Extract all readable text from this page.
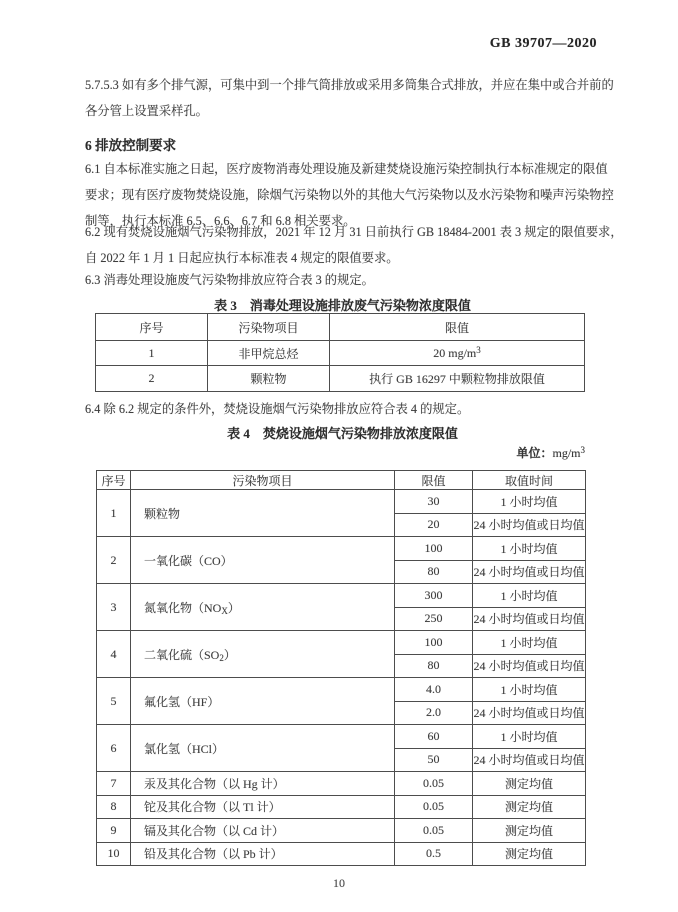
GB 39707—2020
5.7.5.3 如有多个排气源，可集中到一个排气筒排放或采用多筒集合式排放，并应在集中或合并前的
各分管上设置采样孔。
6 排放控制要求
6.1 自本标准实施之日起，医疗废物消毒处理设施及新建焚烧设施污染控制执行本标准规定的限值
要求；现有医疗废物焚烧设施，除烟气污染物以外的其他大气污染物以及水污染物和噪声污染物控
制等，执行本标准 6.5、6.6、6.7 和 6.8 相关要求。
6.2 现有焚烧设施烟气污染物排放，2021 年 12 月 31 日前执行 GB 18484-2001 表 3 规定的限值要求，
自 2022 年 1 月 1 日起应执行本标准表 4 规定的限值要求。
6.3 消毒处理设施废气污染物排放应符合表 3 的规定。
表 3　消毒处理设施排放废气污染物浓度限值
序号	污染物项目	限值
1	非甲烷总烃	20 $mg/m^3$
2	颗粒物	执行 GB 16297 中颗粒物排放限值
6.4 除 6.2 规定的条件外，焚烧设施烟气污染物排放应符合表 4 的规定。
表 4　焚烧设施烟气污染物排放浓度限值
单位：$mg/m^3$
序号	污染物项目	限值	取值时间
1	颗粒物	30	1 小时均值
		20	24 小时均值或日均值
2	一氧化碳（CO）	100	1 小时均值
		80	24 小时均值或日均值
3	氮氧化物$(NO_X)$	300	1 小时均值
		250	24 小时均值或日均值
4	二氧化硫$(SO_2)$	100	1 小时均值
		80	24 小时均值或日均值
5	氟化氢（HF）	4.0	1 小时均值
		2.0	24 小时均值或日均值
6	氯化氢（HCl）	60	1 小时均值
		50	24 小时均值或日均值
7	汞及其化合物（以 Hg 计）	0.05	测定均值
8	铊及其化合物（以 Tl 计）	0.05	测定均值
9	镉及其化合物（以 Cd 计）	0.05	测定均值
10	铅及其化合物（以 Pb 计）	0.5	测定均值
10
